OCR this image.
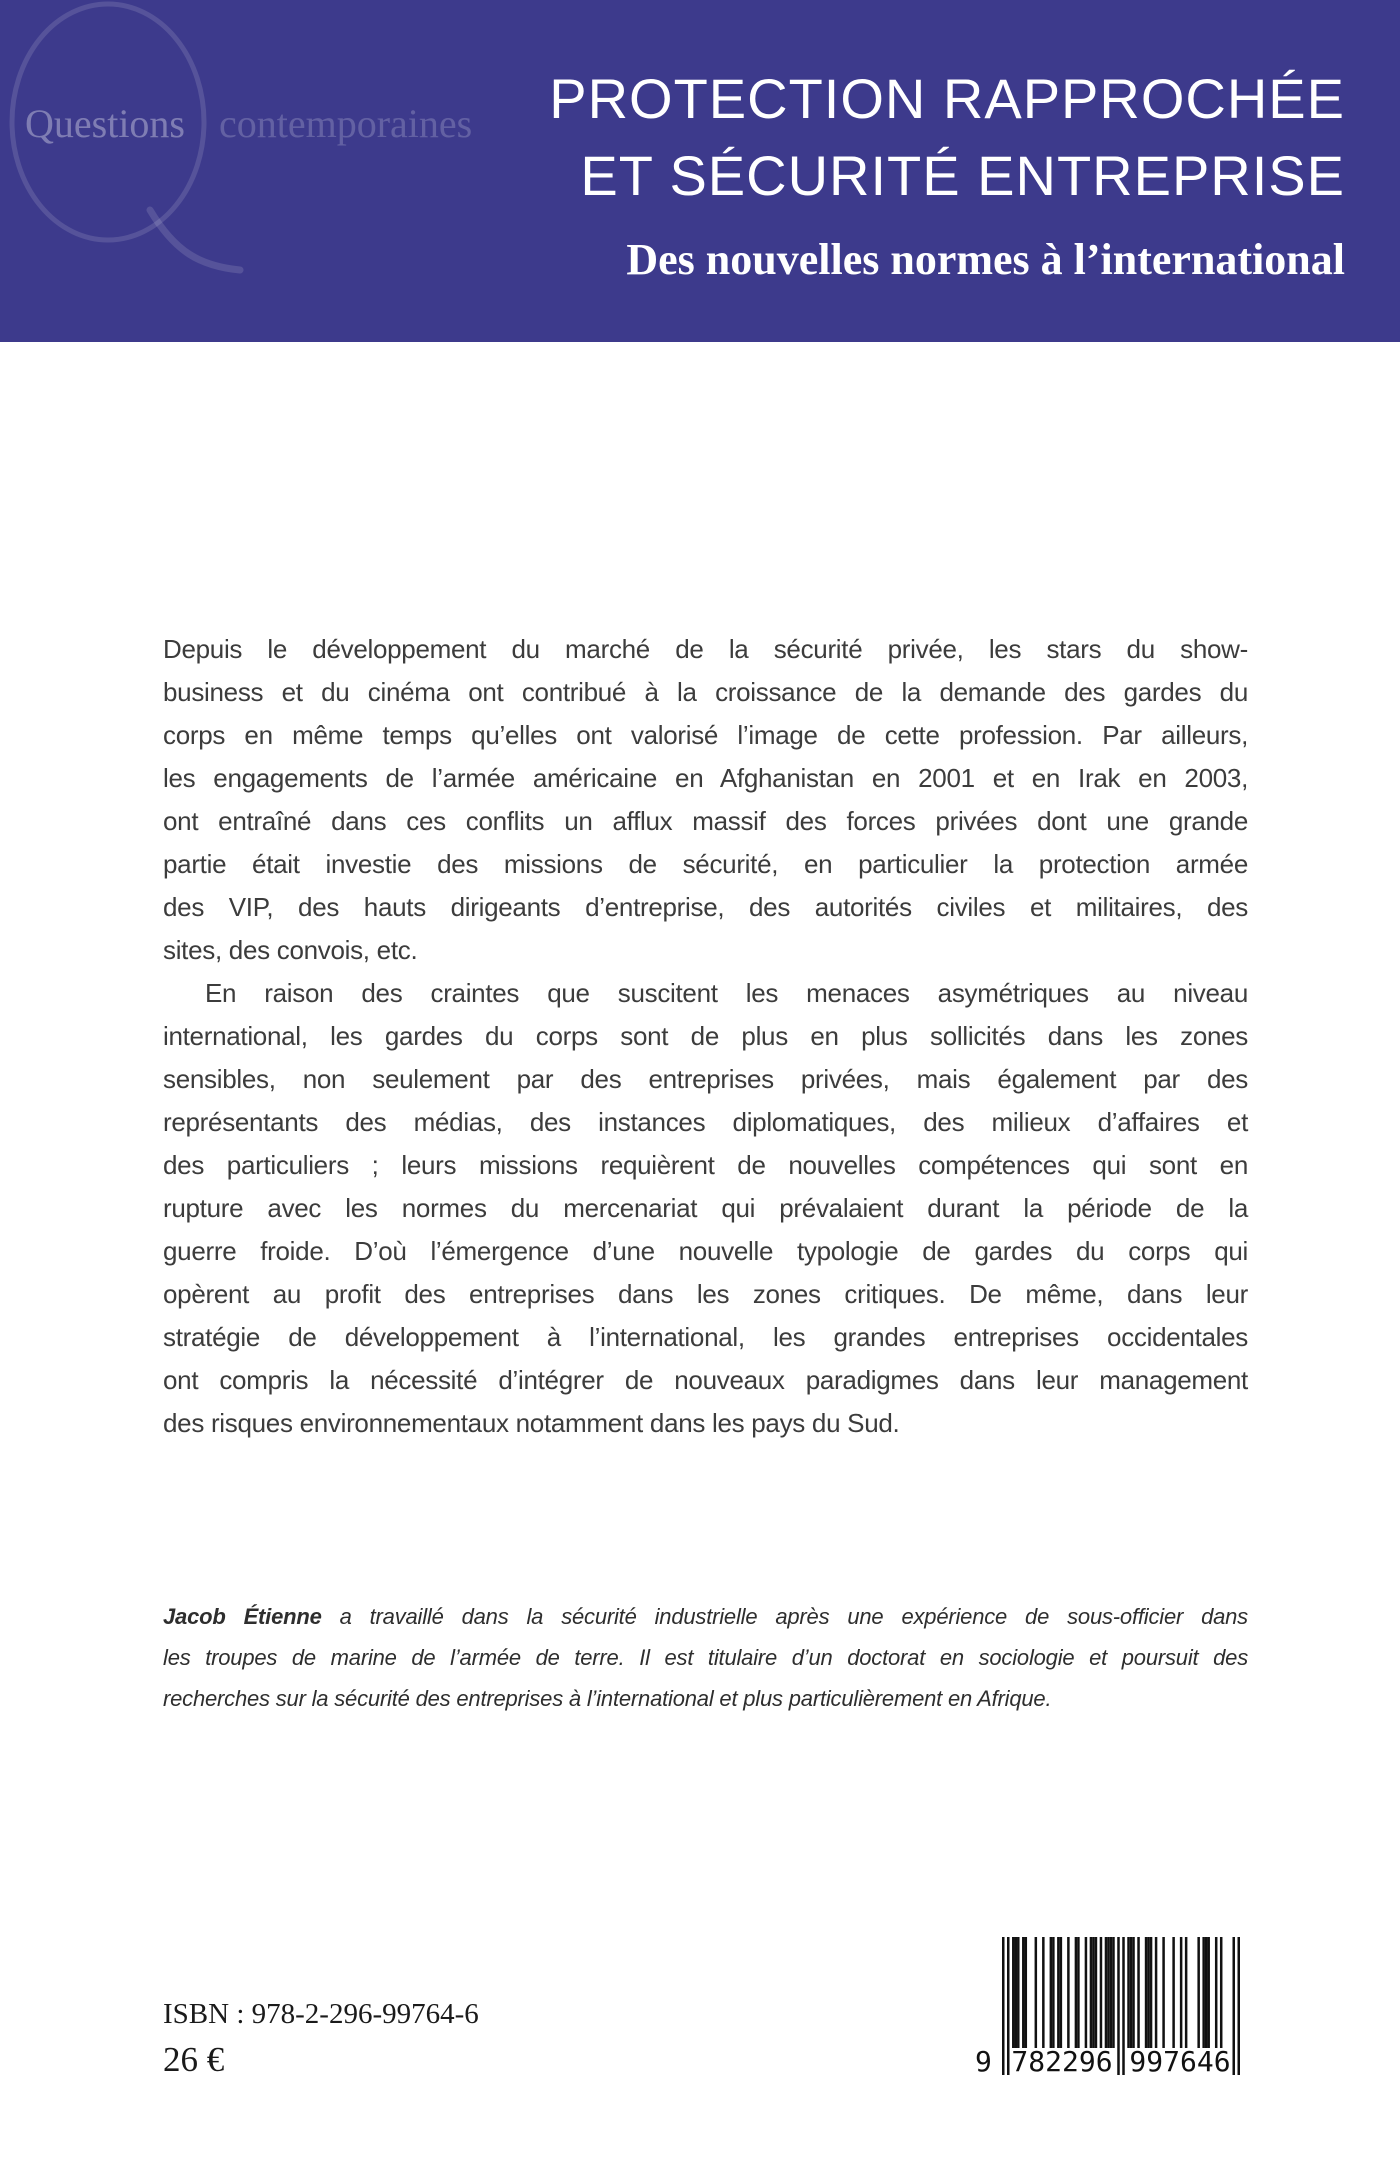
Questions contemporaines PROTECTION RAPPROCHÉE
ET SÉCURITÉ ENTREPRISE
Des nouvelles normes à l’international
Depuis le développement du marché de la sécurité privée, les stars du show-
business et du cinéma ont contribué à la croissance de la demande des gardes du
corps en même temps qu’elles ont valorisé l’image de cette profession. Par ailleurs,
les engagements de l’armée américaine en Afghanistan en 2001 et en Irak en 2003,
ont entraîné dans ces conflits un afflux massif des forces privées dont une grande
partie était investie des missions de sécurité, en particulier la protection armée
des VIP, des hauts dirigeants d’entreprise, des autorités civiles et militaires, des
sites, des convois, etc.
En raison des craintes que suscitent les menaces asymétriques au niveau
international, les gardes du corps sont de plus en plus sollicités dans les zones
sensibles, non seulement par des entreprises privées, mais également par des
représentants des médias, des instances diplomatiques, des milieux d’affaires et
des particuliers ; leurs missions requièrent de nouvelles compétences qui sont en
rupture avec les normes du mercenariat qui prévalaient durant la période de la
guerre froide. D’où l’émergence d’une nouvelle typologie de gardes du corps qui
opèrent au profit des entreprises dans les zones critiques. De même, dans leur
stratégie de développement à l’international, les grandes entreprises occidentales
ont compris la nécessité d’intégrer de nouveaux paradigmes dans leur management
des risques environnementaux notamment dans les pays du Sud.
Jacob Étienne a travaillé dans la sécurité industrielle après une expérience de sous-officier dans
les troupes de marine de l’armée de terre. Il est titulaire d’un doctorat en sociologie et poursuit des
recherches sur la sécurité des entreprises à l’international et plus particulièrement en Afrique.
ISBN : 978-2-296-99764-6
26 €	9 782296 997646
